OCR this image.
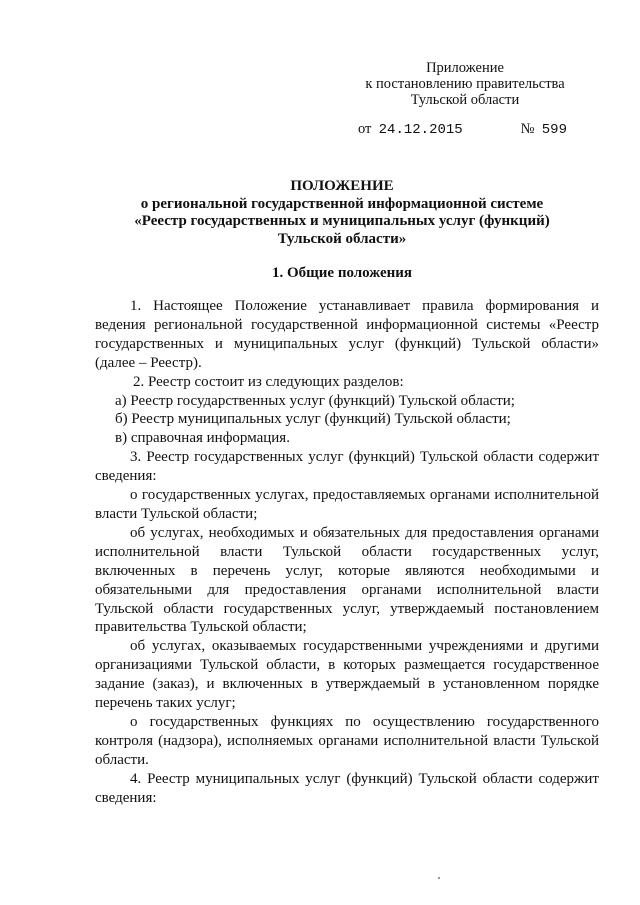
Приложение
к постановлению правительства
Тульской области
от 24.12.2015	№ 599
ПОЛОЖЕНИЕ
о региональной государственной информационной системе
«Реестр государственных и муниципальных услуг (функций)
Тульской области»
1. Общие положения

1. Настоящее Положение устанавливает правила формирования и ведения региональной государственной информационной системы «Реестр государственных и муниципальных услуг (функций) Тульской области» (далее – Реестр).

2. Реестр состоит из следующих разделов:

а) Реестр государственных услуг (функций) Тульской области;

б) Реестр муниципальных услуг (функций) Тульской области;

в) справочная информация.

3. Реестр государственных услуг (функций) Тульской области содержит сведения:

о государственных услугах, предоставляемых органами исполнительной власти Тульской области;

об услугах, необходимых и обязательных для предоставления органами исполнительной власти Тульской области государственных услуг, включенных в перечень услуг, которые являются необходимыми и обязательными для предоставления органами исполнительной власти Тульской области государственных услуг, утверждаемый постановлением правительства Тульской области;

об услугах, оказываемых государственными учреждениями и другими организациями Тульской области, в которых размещается государственное задание (заказ), и включенных в утверждаемый в установленном порядке перечень таких услуг;

о государственных функциях по осуществлению государственного контроля (надзора), исполняемых органами исполнительной власти Тульской области.

4. Реестр муниципальных услуг (функций) Тульской области содержит сведения:
